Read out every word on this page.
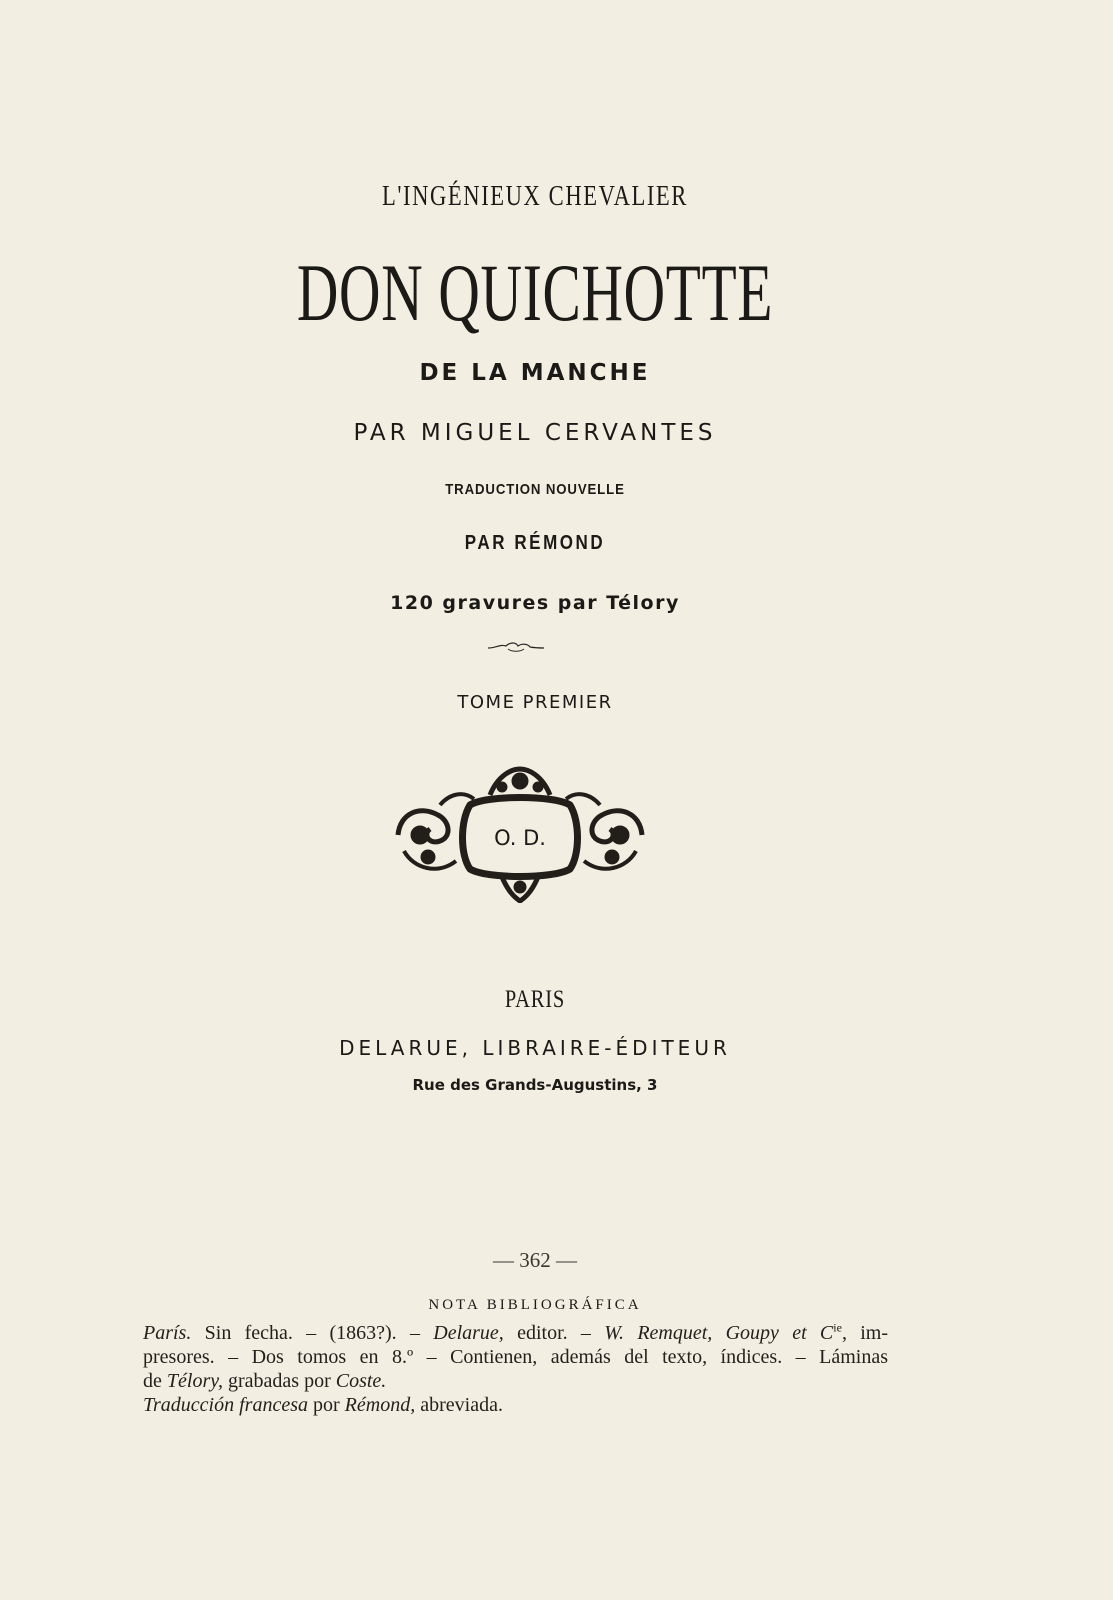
L'INGÉNIEUX CHEVALIER
DON QUICHOTTE
DE LA MANCHE
PAR MIGUEL CERVANTES
TRADUCTION NOUVELLE
PAR RÉMOND
120 gravures par Télory
TOME PREMIER
O. D.
PARIS
DELARUE, LIBRAIRE-ÉDITEUR
Rue des Grands-Augustins, 3
— 362 —
NOTA BIBLIOGRÁFICA
París. Sin fecha. – (1863?). – Delarue, editor. – W. Remquet, Goupy et $C^{ie}$, im-
presores. – Dos tomos en 8.º – Contienen, además del texto, índices. – Láminas
de Télory, grabadas por Coste.
Traducción francesa por Rémond, abreviada.
